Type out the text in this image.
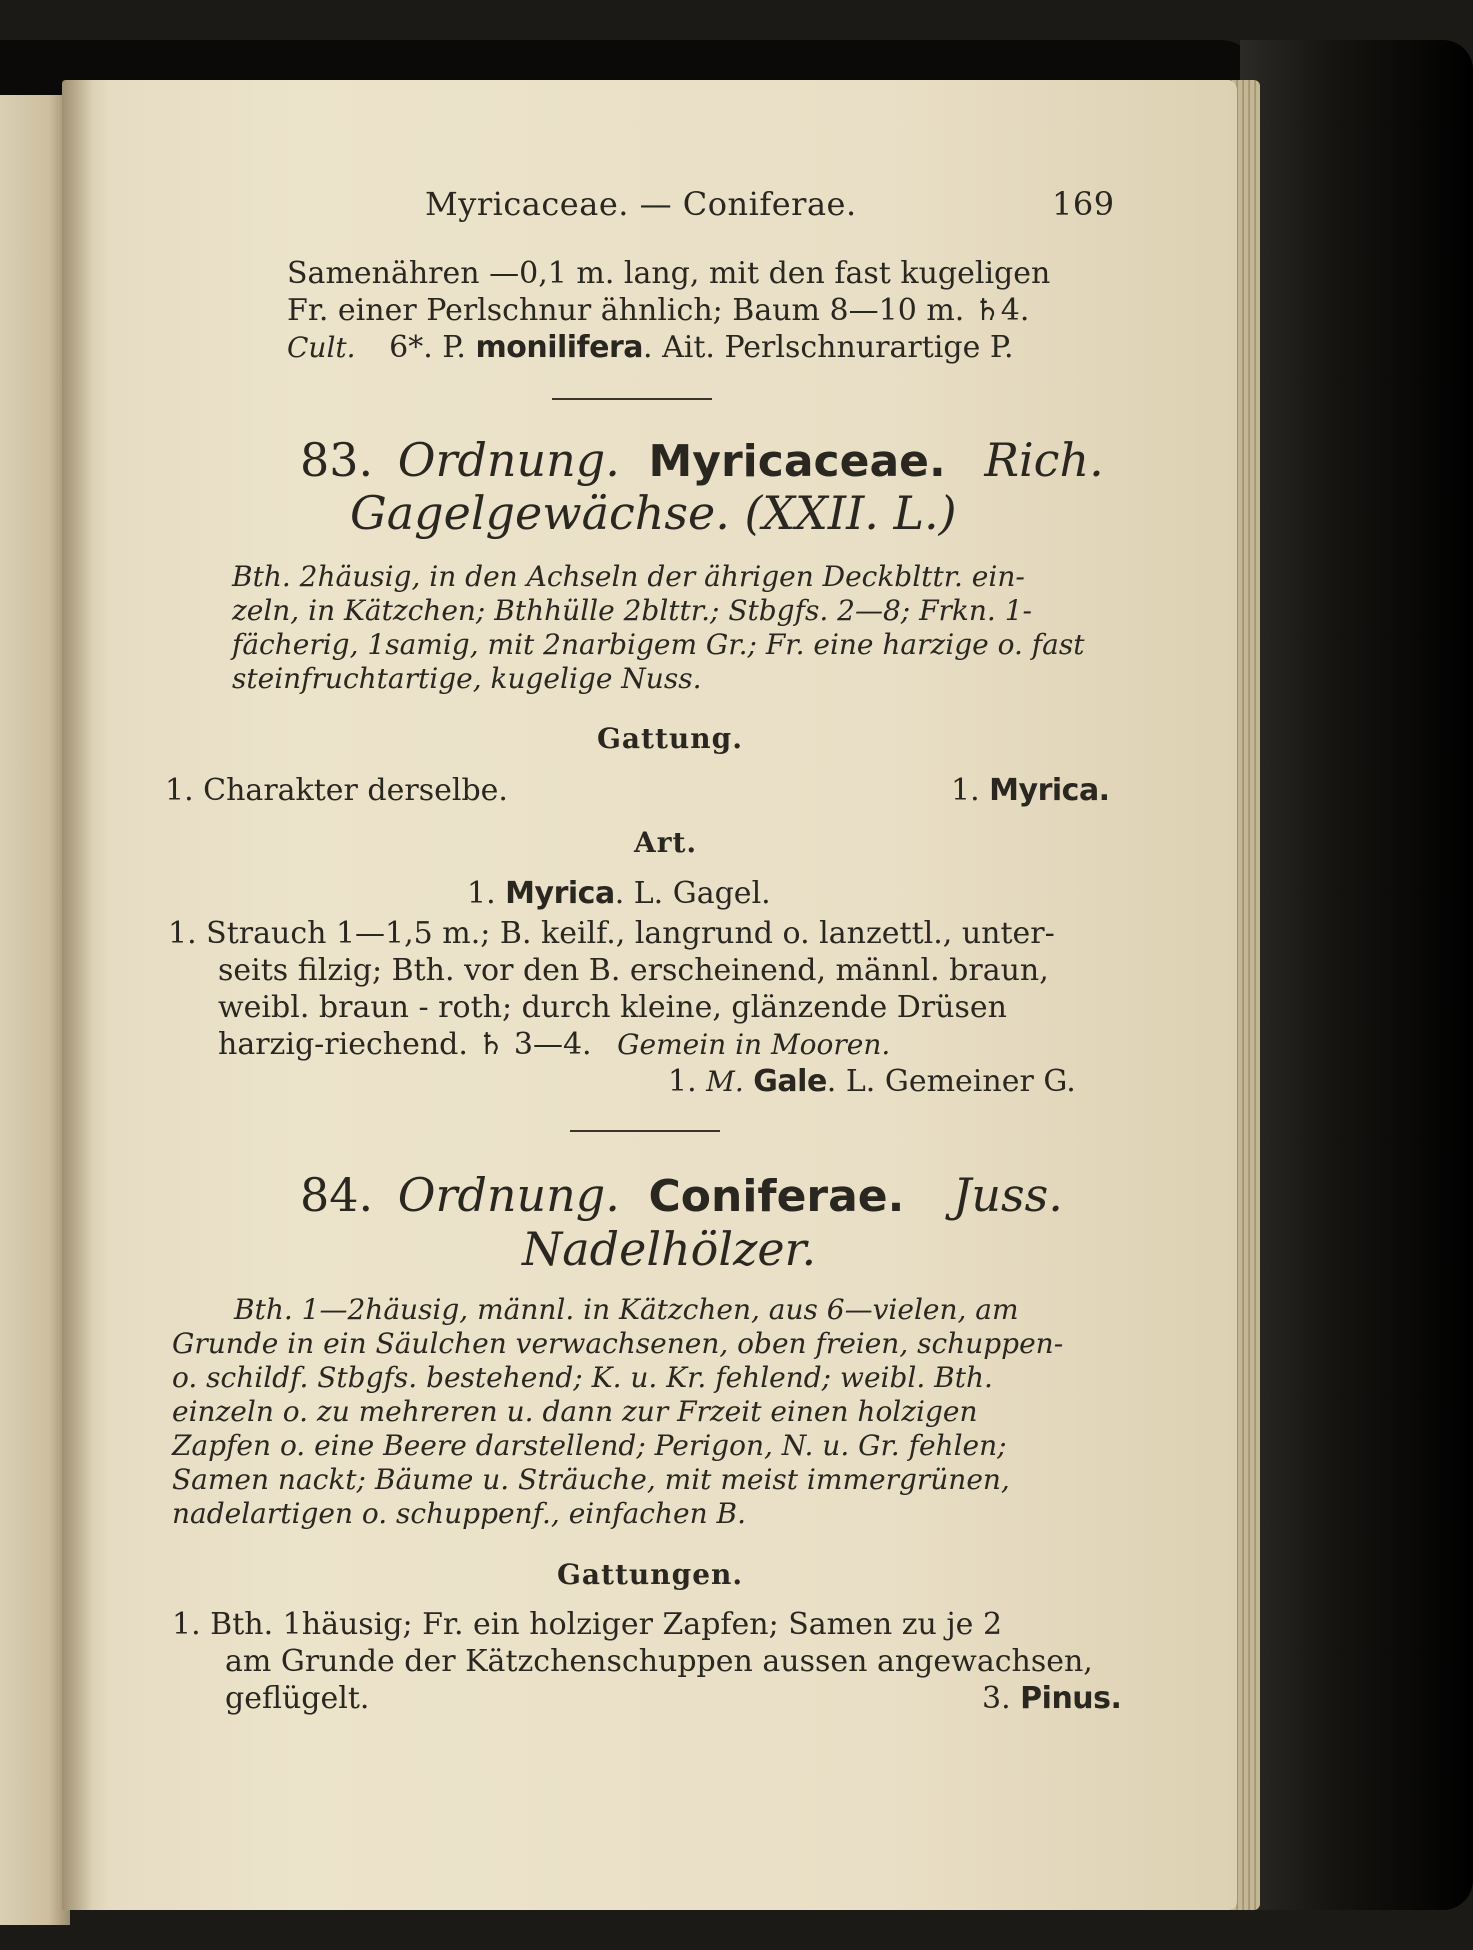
Myricaceae. — Coniferae.	169
Samenähren —0,1 m. lang, mit den fast kugeligen
Fr. einer Perlschnur ähnlich; Baum 8—10 m. ♄4.
Cult. 6*. P. monilifera. Ait. Perlschnurartige P.
83. Ordnung. Myricaceae. Rich.
Gagelgewächse. (XXII. L.)
Bth. 2häusig, in den Achseln der ährigen Deckblttr. ein-
zeln, in Kätzchen; Bthhülle 2blttr.; Stbgfs. 2—8; Frkn. 1-
fächerig, 1samig, mit 2narbigem Gr.; Fr. eine harzige o. fast
steinfruchtartige, kugelige Nuss.
Gattung.
1. Charakter derselbe.	1. Myrica.
Art.
1. Myrica. L. Gagel.
1. Strauch 1—1,5 m.; B. keilf., langrund o. lanzettl., unter-
seits filzig; Bth. vor den B. erscheinend, männl. braun,
weibl. braun - roth; durch kleine, glänzende Drüsen
harzig-riechend. ♄ 3—4. Gemein in Mooren.
1. M. Gale. L. Gemeiner G.
84. Ordnung. Coniferae. Juss.
Nadelhölzer.
Bth. 1—2häusig, männl. in Kätzchen, aus 6—vielen, am
Grunde in ein Säulchen verwachsenen, oben freien, schuppen-
o. schildf. Stbgfs. bestehend; K. u. Kr. fehlend; weibl. Bth.
einzeln o. zu mehreren u. dann zur Frzeit einen holzigen
Zapfen o. eine Beere darstellend; Perigon, N. u. Gr. fehlen;
Samen nackt; Bäume u. Sträuche, mit meist immergrünen,
nadelartigen o. schuppenf., einfachen B.
Gattungen.
1. Bth. 1häusig; Fr. ein holziger Zapfen; Samen zu je 2
am Grunde der Kätzchenschuppen aussen angewachsen,
geflügelt.	3. Pinus.
